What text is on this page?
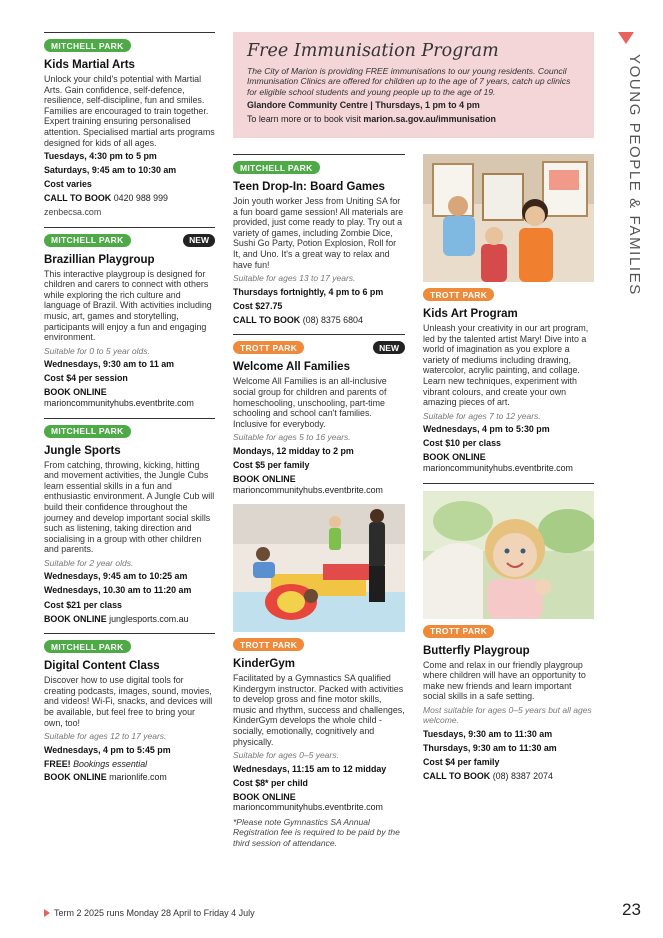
YOUNG PEOPLE & FAMILIES
Free Immunisation Program
The City of Marion is providing FREE immunisations to our young residents. Council Immunisation Clinics are offered for children up to the age of 7 years, catch up clinics for eligible school students and young people up to the age of 19.
Glandore Community Centre | Thursdays, 1 pm to 4 pm
To learn more or to book visit marion.sa.gov.au/immunisation
MITCHELL PARK
Kids Martial Arts
Unlock your child's potential with Martial Arts. Gain confidence, self-defence, resilience, self-discipline, fun and smiles. Families are encouraged to train together. Expert training ensuring personalised attention. Specialised martial arts programs designed for kids of all ages.
Tuesdays, 4:30 pm to 5 pm
Saturdays, 9:45 am to 10:30 am
Cost varies
CALL TO BOOK 0420 988 999
zenbecsa.com
MITCHELL PARK	NEW
Brazillian Playgroup
This interactive playgroup is designed for children and carers to connect with others while exploring the rich culture and language of Brazil. With activities including music, art, games and storytelling, participants will enjoy a fun and engaging environment.
Suitable for 0 to 5 year olds.
Wednesdays, 9:30 am to 11 am
Cost $4 per session
BOOK ONLINE
marioncommunityhubs.eventbrite.com
MITCHELL PARK
Jungle Sports
From catching, throwing, kicking, hitting and movement activities, the Jungle Cubs learn essential skills in a fun and enthusiastic environment. A Jungle Cub will build their confidence throughout the journey and develop important social skills such as listening, taking direction and socialising in a group with other children and parents.
Suitable for 2 year olds.
Wednesdays, 9:45 am to 10:25 am
Wednesdays, 10.30 am to 11:20 am
Cost $21 per class
BOOK ONLINE junglesports.com.au
MITCHELL PARK
Digital Content Class
Discover how to use digital tools for creating podcasts, images, sound, movies, and videos! Wi-Fi, snacks, and devices will be available, but feel free to bring your own, too!
Suitable for ages 12 to 17 years.
Wednesdays, 4 pm to 5:45 pm
FREE! Bookings essential
BOOK ONLINE marionlife.com
MITCHELL PARK
Teen Drop-In: Board Games
Join youth worker Jess from Uniting SA for a fun board game session! All materials are provided, just come ready to play. Try out a variety of games, including Zombie Dice, Sushi Go Party, Potion Explosion, Roll for It, and Uno. It's a great way to relax and have fun!
Suitable for ages 13 to 17 years.
Thursdays fortnightly, 4 pm to 6 pm
Cost $27.75
CALL TO BOOK (08) 8375 6804
TROTT PARK	NEW
Welcome All Families
Welcome All Families is an all-inclusive social group for children and parents of homeschooling, unschooling, part-time schooling and school can't families. Inclusive for everybody.
Suitable for ages 5 to 16 years.
Mondays, 12 midday to 2 pm
Cost $5 per family
BOOK ONLINE
marioncommunityhubs.eventbrite.com
TROTT PARK
KinderGym
Facilitated by a Gymnastics SA qualified Kindergym instructor. Packed with activities to develop gross and fine motor skills, music and rhythm, success and challenges, KinderGym develops the whole child - socially, emotionally, cognitively and physically.
Suitable for ages 0–5 years.
Wednesdays, 11:15 am to 12 midday
Cost $8* per child
BOOK ONLINE
marioncommunityhubs.eventbrite.com
*Please note Gymnastics SA Annual Registration fee is required to be paid by the third session of attendance.
TROTT PARK
Kids Art Program
Unleash your creativity in our art program, led by the talented artist Mary! Dive into a world of imagination as you explore a variety of mediums including drawing, watercolor, acrylic painting, and collage. Learn new techniques, experiment with vibrant colours, and create your own amazing pieces of art.
Suitable for ages 7 to 12 years.
Wednesdays, 4 pm to 5:30 pm
Cost $10 per class
BOOK ONLINE
marioncommunityhubs.eventbrite.com
TROTT PARK
Butterfly Playgroup
Come and relax in our friendly playgroup where children will have an opportunity to make new friends and learn important social skills in a safe setting.
Most suitable for ages 0–5 years but all ages welcome.
Tuesdays, 9:30 am to 11:30 am
Thursdays, 9:30 am to 11:30 am
Cost $4 per family
CALL TO BOOK (08) 8387 2074
Term 2 2025 runs Monday 28 April to Friday 4 July	23
